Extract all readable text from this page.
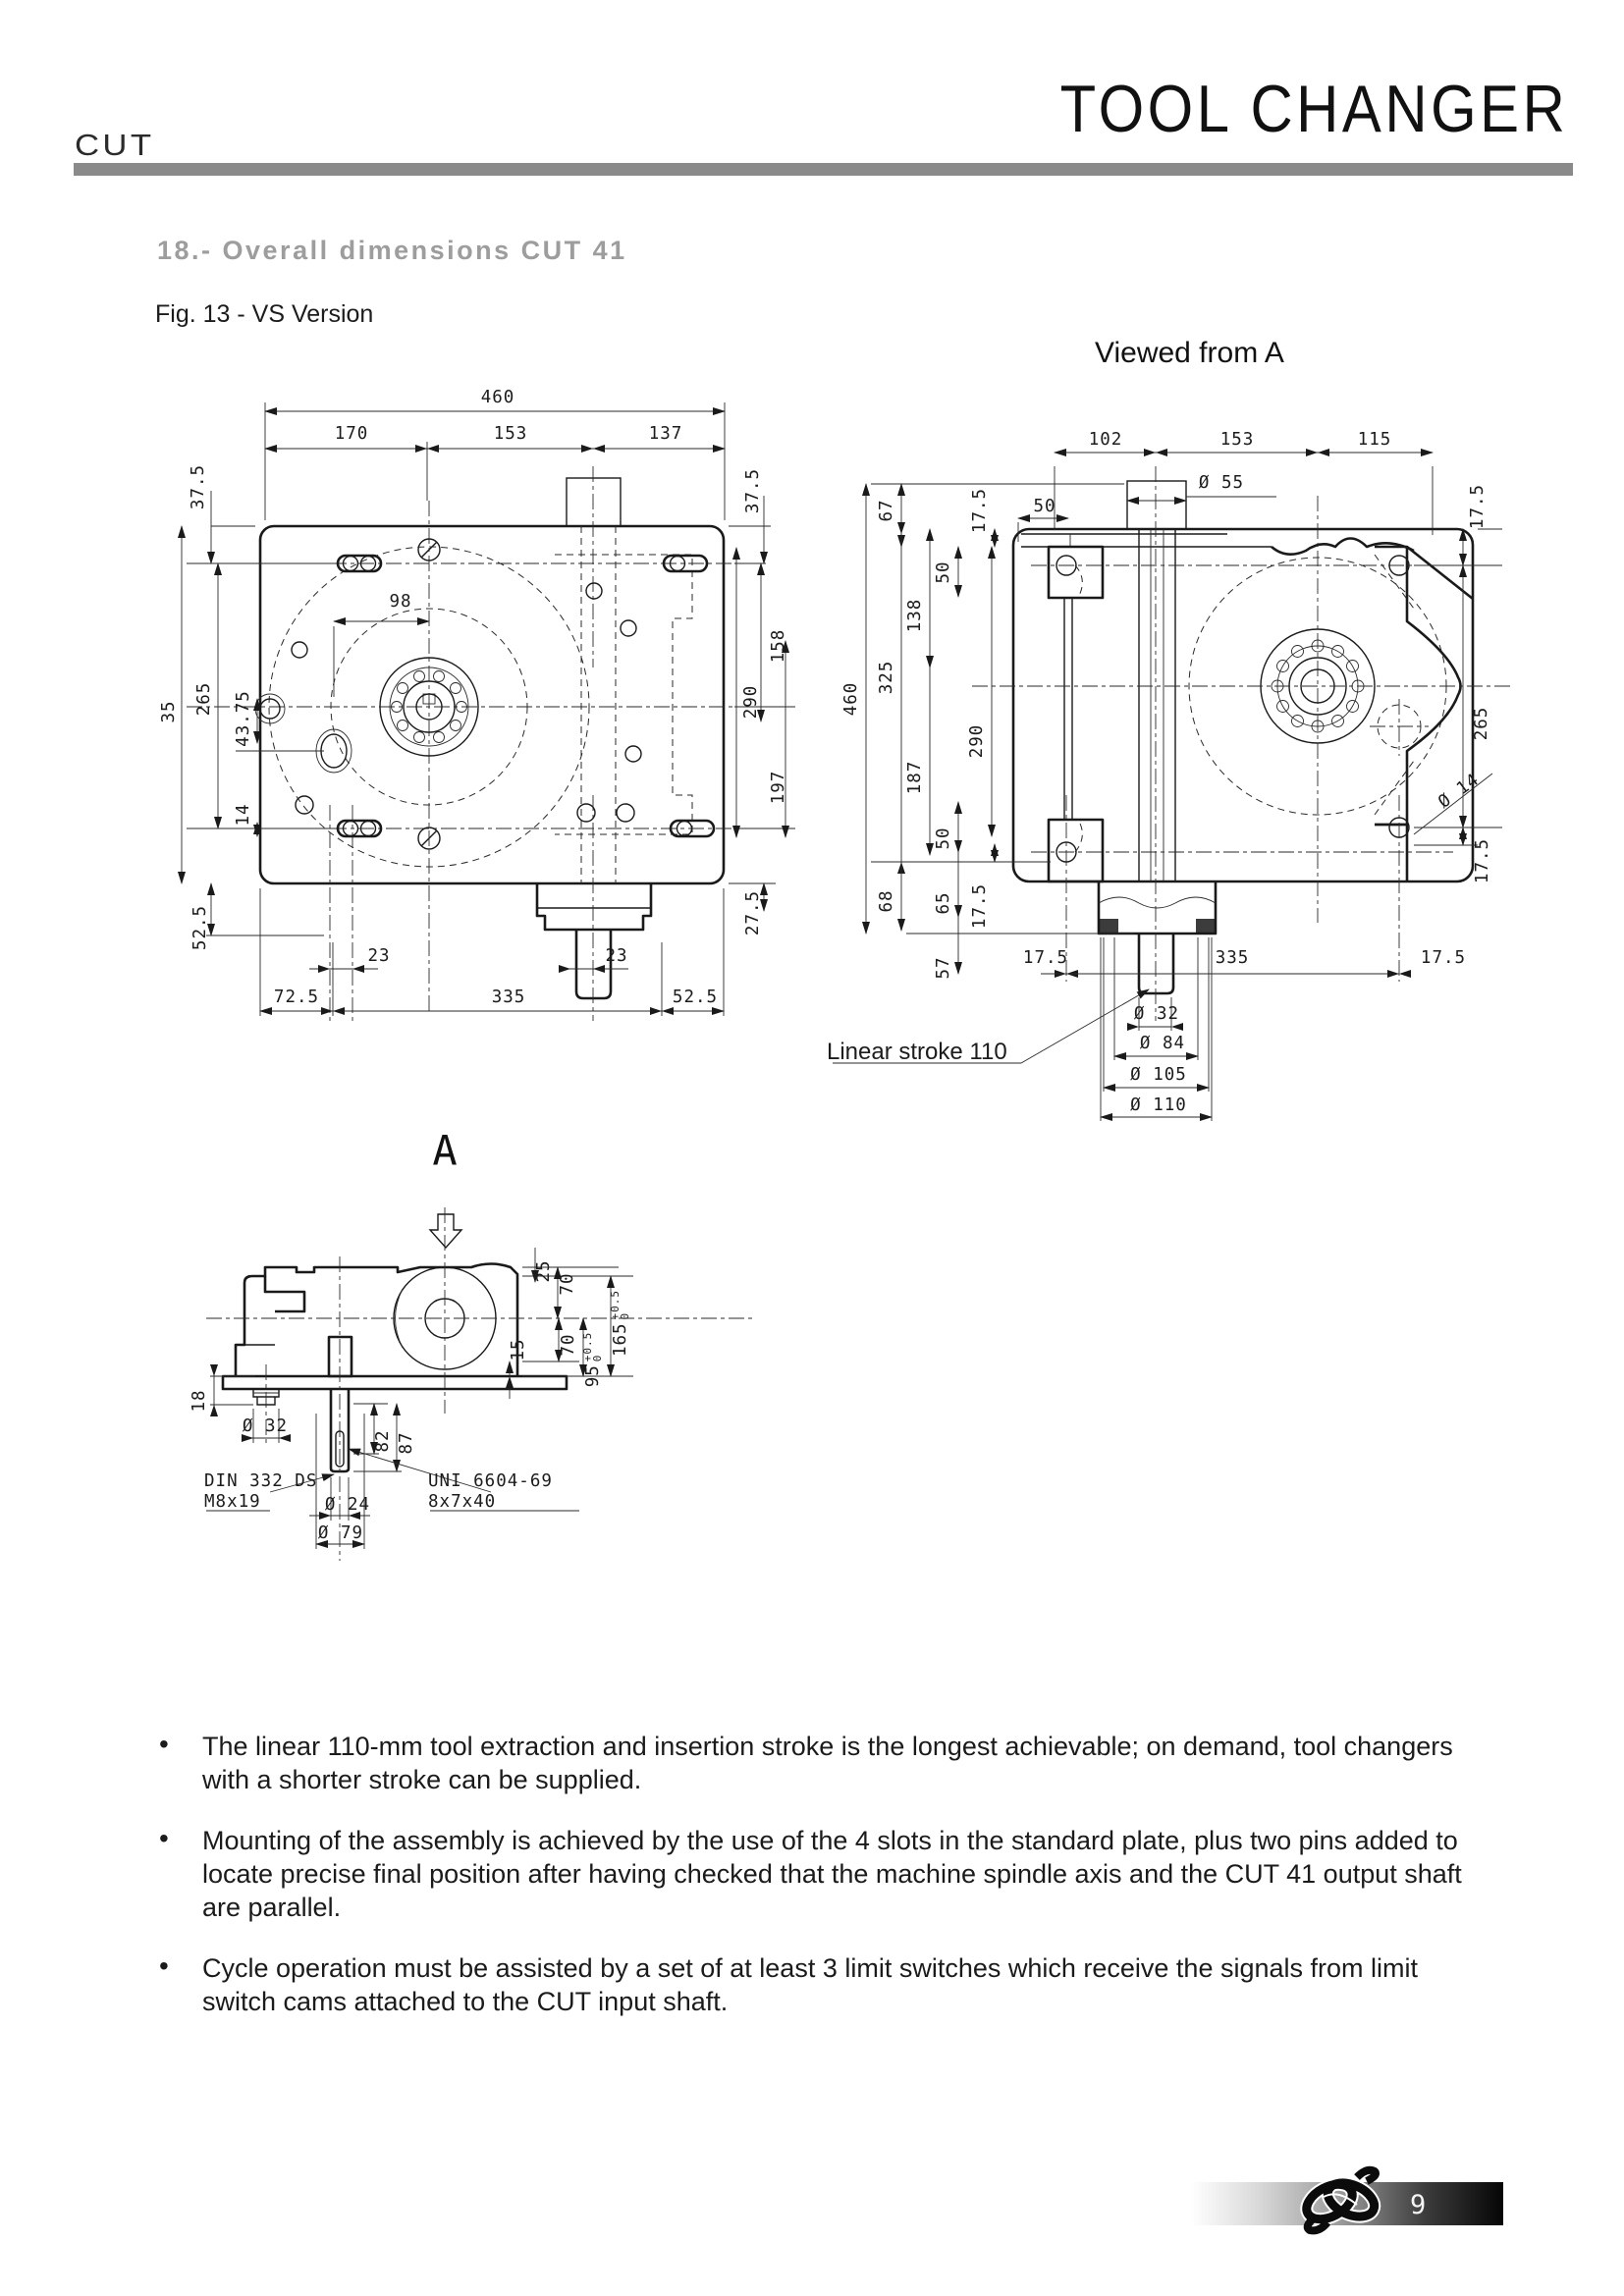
CUT	TOOL CHANGER
18.- Overall dimensions CUT 41
Fig. 13 - VS Version
Viewed from A
460
170	153	137
37.5	37.5
98
158
35 265 43.75
14
52.5
290
197
27.5
23	23
72.5	335	52.5
102	153	115
Ø 55
50
67	17.5
50
138
325
460
290
187
50
68 65 17.5
57
17.5
265
Ø 14
17.5
17.5	335	17.5
Ø 32
Ø 84
Ø 105
Ø 110
Linear stroke 110
25
70
165
+0.5
0
70
95
+0.5
0
15
18
Ø 32
82 87
DIN 332 DS
M8x19
UNI 6604-69
8x7x40
Ø 24
Ø 79
A
• The linear 110-mm tool extraction and insertion stroke is the longest achievable; on demand, tool changers with a shorter stroke can be supplied.
• Mounting of the assembly is achieved by the use of the 4 slots in the standard plate, plus two pins added to locate precise final position after having checked that the machine spindle axis and the CUT 41 output shaft are parallel.
• Cycle operation must be assisted by a set of at least 3 limit switches which receive the signals from limit switch cams attached to the CUT input shaft.
9
